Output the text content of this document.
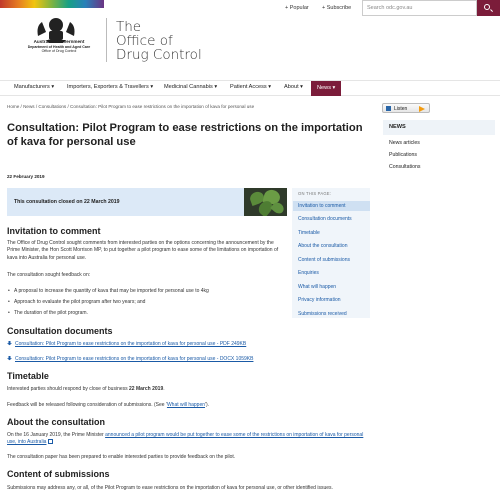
Australian Government
Department of Health and Aged Care
Office of Drug Control
The
Office of
Drug Control
+ Popular + Subscribe	Search odc.gov.au
Manufacturers ▾ Importers, Exporters & Travellers ▾ Medicinal Cannabis ▾ Patient Access ▾ About ▾	News ▾
Home / News / Consultations / Consultation: Pilot Program to ease restrictions on the importation of kava for personal use	Listen
NEWS
News articles
Publications
Consultations
Consultation: Pilot Program to ease restrictions on the importation of kava for personal use
22 February 2019
This consultation closed on 22 March 2019
ON THIS PAGE:
Invitation to comment
Consultation documents
Timetable
About the consultation
Content of submissions
Enquiries
What will happen
Privacy information
Submissions received
Invitation to comment

The Office of Drug Control sought comments from interested parties on the options concerning the announcement by the Prime Minister, the Hon Scott Morrison MP, to put together a pilot program to ease some of the limitations on importation of kava into Australia for personal use.

The consultation sought feedback on:

• A proposal to increase the quantity of kava that may be imported for personal use to 4kg
• Approach to evaluate the pilot program after two years; and
• The duration of the pilot program.
Consultation documents
Consultation: Pilot Program to ease restrictions on the importation of kava for personal use - PDF 249KB
Consultation: Pilot Program to ease restrictions on the importation of kava for personal use - DOCX 1059KB
Timetable

Interested parties should respond by close of business 22 March 2019.

Feedback will be released following consideration of submissions. (See 'What will happen').

About the consultation

On the 16 January 2019, the Prime Minister announced a pilot program would be put together to ease some of the restrictions on importation of kava for personal use, into Australia

The consultation paper has been prepared to enable interested parties to provide feedback on the pilot.

Content of submissions

Submissions may address any, or all, of the Pilot Program to ease restrictions on the importation of kava for personal use, or other identified issues.
